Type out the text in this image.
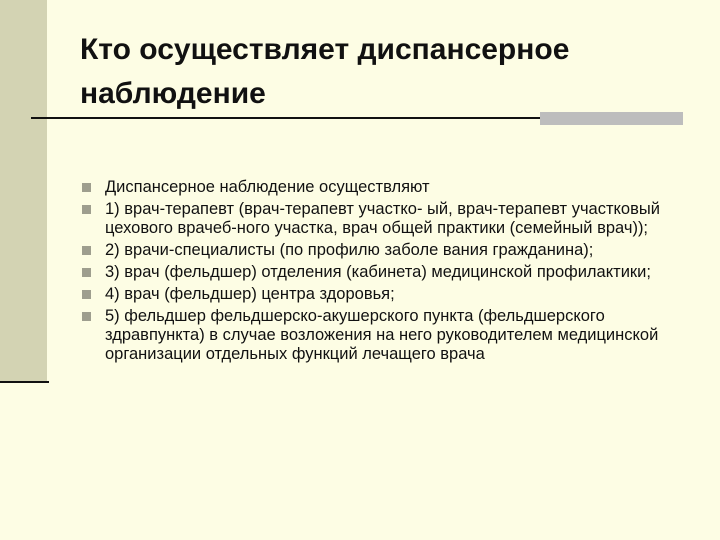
Кто осуществляет диспансерное наблюдение
Диспансерное наблюдение осуществляют
1) врач-терапевт (врач-терапевт участко- ый, врач-терапевт участковый цехового врачеб-ного участка, врач общей практики (семейный врач));
2) врачи-специалисты (по профилю заболе вания гражданина);
3) врач (фельдшер) отделения (кабинета) медицинской профилактики;
4) врач (фельдшер) центра здоровья;
5) фельдшер фельдшерско-акушерского пункта (фельдшерского здравпункта) в случае возложения на него руководителем медицинской организации отдельных функций лечащего врача
